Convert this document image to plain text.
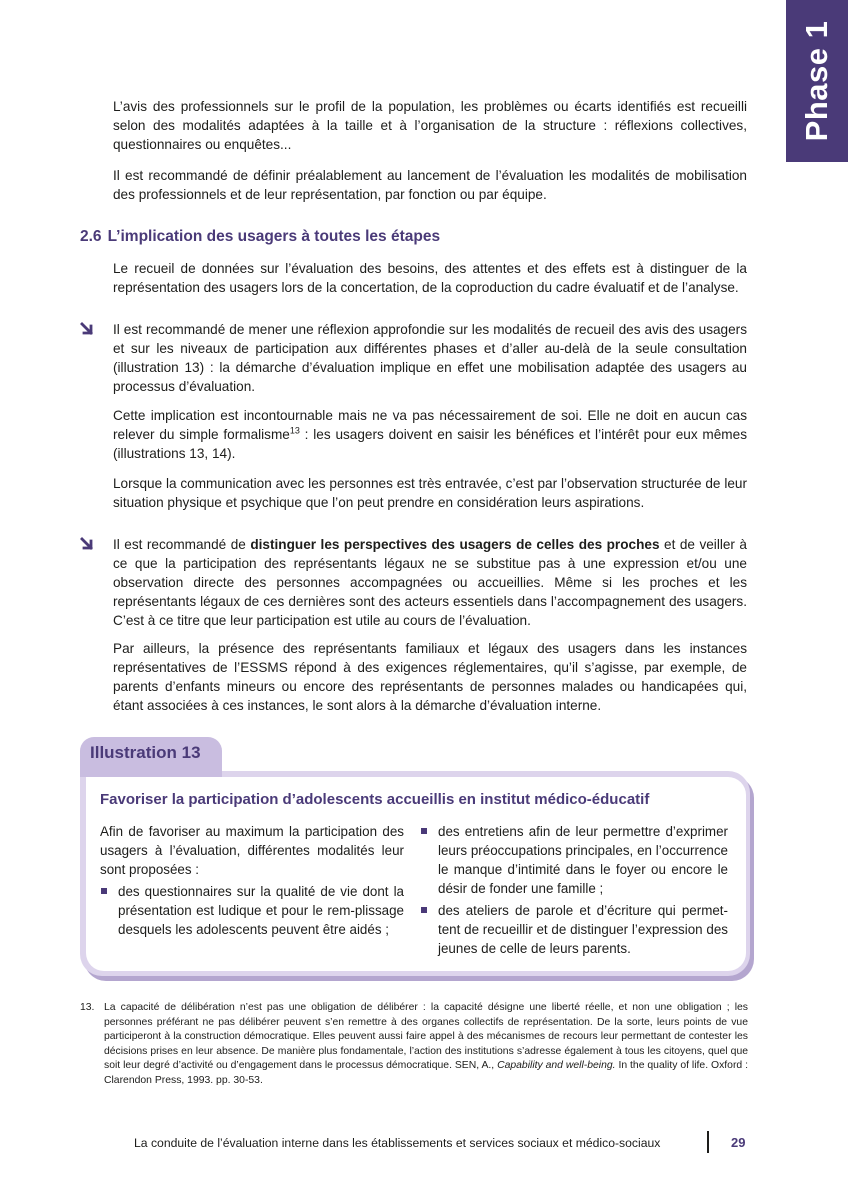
Phase 1

L’avis des professionnels sur le profil de la population, les problèmes ou écarts identifiés est recueilli selon des modalités adaptées à la taille et à l’organisation de la structure : réflexions collectives, questionnaires ou enquêtes...

Il est recommandé de définir préalablement au lancement de l’évaluation les modalités de mobilisation des professionnels et de leur représentation, par fonction ou par équipe.

2.6 L’implication des usagers à toutes les étapes

Le recueil de données sur l’évaluation des besoins, des attentes et des effets est à distinguer de la représentation des usagers lors de la concertation, de la coproduction du cadre évaluatif et de l’analyse.

Il est recommandé de mener une réflexion approfondie sur les modalités de recueil des avis des usagers et sur les niveaux de participation aux différentes phases et d’aller au-delà de la seule consultation (illustration 13) : la démarche d’évaluation implique en effet une mobilisation adaptée des usagers au processus d’évaluation.

Cette implication est incontournable mais ne va pas nécessairement de soi. Elle ne doit en aucun cas relever du simple formalisme$^{13}$ : les usagers doivent en saisir les bénéfices et l’intérêt pour eux mêmes (illustrations 13, 14).

Lorsque la communication avec les personnes est très entravée, c’est par l’observation structurée de leur situation physique et psychique que l’on peut prendre en considération leurs aspirations.

Il est recommandé de distinguer les perspectives des usagers de celles des proches et de veiller à ce que la participation des représentants légaux ne se substitue pas à une expression et/ou une observation directe des personnes accompagnées ou accueillies. Même si les proches et les représentants légaux de ces dernières sont des acteurs essentiels dans l’accompagnement des usagers. C’est à ce titre que leur participation est utile au cours de l’évaluation.

Par ailleurs, la présence des représentants familiaux et légaux des usagers dans les instances représentatives de l’ESSMS répond à des exigences réglementaires, qu’il s’agisse, par exemple, de parents d’enfants mineurs ou encore des représentants de personnes malades ou handicapées qui, étant associées à ces instances, le sont alors à la démarche d’évaluation interne.

Illustration 13
Favoriser la participation d’adolescents accueillis en institut médico-éducatif

Afin de favoriser au maximum la participation des usagers à l’évaluation, différentes modalités leur sont proposées :

des questionnaires sur la qualité de vie dont la présentation est ludique et pour le rem-plissage desquels les adolescents peuvent être aidés ;

des entretiens afin de leur permettre d’exprimer leurs préoccupations principales, en l’occurrence le manque d’intimité dans le foyer ou encore le désir de fonder une famille ;

des ateliers de parole et d’écriture qui permet-tent de recueillir et de distinguer l’expression des jeunes de celle de leurs parents.

13. La capacité de délibération n’est pas une obligation de délibérer : la capacité désigne une liberté réelle, et non une obligation ; les personnes préférant ne pas délibérer peuvent s’en remettre à des organes collectifs de représentation. De la sorte, leurs points de vue participeront à la construction démocratique. Elles peuvent aussi faire appel à des mécanismes de recours leur permettant de contester les décisions prises en leur absence. De manière plus fondamentale, l’action des institutions s’adresse également à tous les citoyens, quel que soit leur degré d’activité ou d’engagement dans le processus démocratique. SEN, A., Capability and well-being. In the quality of life. Oxford : Clarendon Press, 1993. pp. 30-53.

La conduite de l’évaluation interne dans les établissements et services sociaux et médico-sociaux	29
